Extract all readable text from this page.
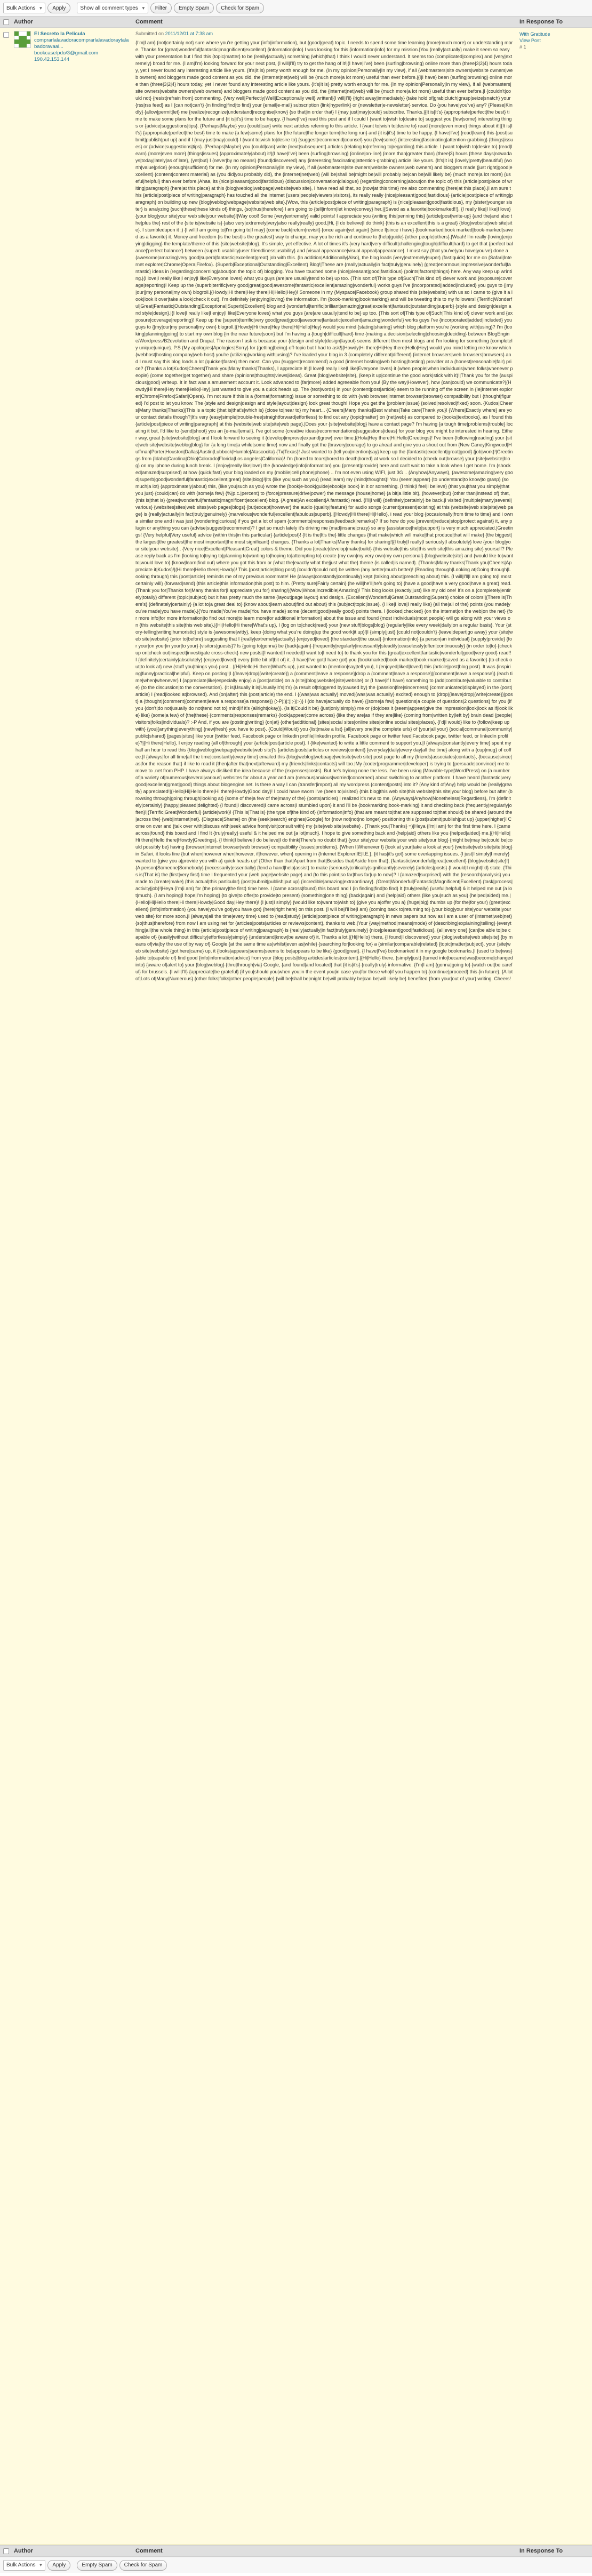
Bulk Actions ▼	Apply	Show all comment types ▼	Filter	Empty Spam	Check for Spam
Author	Comment	In Response To
El Secreto la Pelicula
comprarlalavadoracomprarlalavadoraytalabadoravaal...
bookcase/pdo/3@gmail.com
190.42.153.144
Submitted on 2011/12/01 at 7:38 am
{I'm|I am} {not|certainly not} sure where you're getting your {info|information}, but {good|great} topic. I needs to spend some time learning {more|much more} or understanding more. Thanks for {great|wonderful|fantastic|magnificent|excellent} {information|info} I was looking for this {information|info} for my mission.|You {really|actually} make it seem so easy with your presentation but I find this {topic|matter} to be {really|actually} something {which|that} I think I would never understand. It seems too {complicated|complex} and {very|extremely} broad for me. {I am|I'm} looking forward for your next post, {I will|I'll} try to get the hang of it!|{I have|I've} been {surfing|browsing} online more than {three|3|2|4} hours today, yet I never found any interesting article like yours. {It's|It is} pretty worth enough for me. {In my opinion|Personally|In my view}, if all {webmasters|site owners|website owners|web owners} and bloggers made good content as you did, the {internet|net|web} will be {much more|a lot more} useful than ever before.| {I|I have} been {surfing|browsing} online more than {three|3|2|4} hours today, yet I never found any interesting article like yours. {It's|It is} pretty worth enough for me. {In my opinion|Personally|In my view}, if all {webmasters|site owners|website owners|web owners} and bloggers made good content as you did, the {internet|net|web} will be {much more|a lot more} useful than ever before.|I {couldn't|could not} {resist|refrain from} commenting. {Very well|Perfectly|Well|Exceptionally well} written!|{I will|I'll} {right away|immediately} {take hold of|grab|clutch|grasp|seize|snatch} your {rss|rss feed} as I {can not|can't} {in finding|find|to find} your {email|e-mail} subscription {link|hyperlink} or {newsletter|e-newsletter} service. Do {you have|you've} any? {Please|Kindly} {allow|permit|let} me {realize|recognize|understand|recognise|know} {so that|in order that} I {may just|may|could} subscribe. Thanks.|{It is|It's} {appropriate|perfect|the best} time to make some plans for the future and {it is|it's} time to be happy. {I have|I've} read this post and if I could I {want to|wish to|desire to} suggest you {few|some} interesting things or {advice|suggestions|tips}. {Perhaps|Maybe} you {could|can} write next articles referring to this article. I {want to|wish to|desire to} read {more|even more} things about it!|{It is|It's} {appropriate|perfect|the best} time to make {a few|some} plans for {the future|the longer term|the long run} and {it is|it's} time to be happy. {I have|I've} {read|learn} this {post|submit|publish|put up} and if I {may just|may|could} I {want to|wish to|desire to} {suggest|recommend|counsel} you {few|some} {interesting|fascinating|attention-grabbing} {things|issues} or {advice|suggestions|tips}. {Perhaps|Maybe} you {could|can} write {next|subsequent} articles {relating to|referring to|regarding} this article. I {want to|wish to|desire to} {read|learn} {more|even more} {things|issues} {approximately|about} it!|{I have|I've} been {surfing|browsing} {online|on-line} {more than|greater than} {three|3} hours {these days|nowadays|today|lately|as of late}, {yet|but} I {never|by no means} {found|discovered} any {interesting|fascinating|attention-grabbing} article like yours. {It's|It is} {lovely|pretty|beautiful} {worth|value|price} {enough|sufficient} for me. {In my opinion|Personally|In my view}, if all {webmasters|site owners|website owners|web owners} and bloggers made {just right|good|excellent} {content|content material} as {you did|you probably did}, the {internet|net|web} {will be|shall be|might be|will probably be|can be|will likely be} {much more|a lot more} {useful|helpful} than ever before.|Ahaa, its {nice|pleasant|good|fastidious} {discussion|conversation|dialogue} {regarding|concerning|about|on the topic of} this {article|post|piece of writing|paragraph} {here|at this place} at this {blog|weblog|webpage|website|web site}, I have read all that, so {now|at this time} me also commenting {here|at this place}.|I am sure this {article|post|piece of writing|paragraph} has touched all the internet {users|people|viewers|visitors}, its really really {nice|pleasant|good|fastidious} {article|post|piece of writing|paragraph} on building up new {blog|weblog|webpage|website|web site}.|Wow, this {article|post|piece of writing|paragraph} is {nice|pleasant|good|fastidious}, my {sister|younger sister} is analyzing {such|these|these kinds of} things, {so|thus|therefore} I am going to {tell|inform|let know|convey} her.|{Saved as a favorite|bookmarked!!}, {I really like|I like|I love} {your blog|your site|your web site|your website}!|Way cool! Some {very|extremely} valid points! I appreciate you {writing this|penning this} {article|post|write-up} {and the|and also the|plus the} rest of the {site is|website is} {also very|extremely|very|also really|really} good.|Hi, {I do believe|I do think} {this is an excellent|this is a great} {blog|website|web site|site}. I stumbledupon it ;) {I will|I am going to|I'm going to|I may} {come back|return|revisit} {once again|yet again} {since I|since i have} {bookmarked|book marked|book-marked|saved as a favorite} it. Money and freedom {is the best|is the greatest} way to change, may you be rich and continue to {help|guide} {other people|others}.|Woah! I'm really {loving|enjoying|digging} the template/theme of this {site|website|blog}. It's simple, yet effective. A lot of times it's {very hard|very difficult|challenging|tough|difficult|hard} to get that {perfect balance|'perfect balance'} between {superb usability|user friendliness|usability} and {visual appearance|visual appeal|appearance}. I must say {that you've|you have|you've} done a {awesome|amazing|very good|superb|fantastic|excellent|great} job with this. {In addition|Additionally|Also}, the blog loads {very|extremely|super} {fast|quick} for me on {Safari|Internet explorer|Chrome|Opera|Firefox}. {Superb|Exceptional|Outstanding|Excellent} Blog!|These are {really|actually|in fact|truly|genuinely} {great|enormous|impressive|wonderful|fantastic} ideas in {regarding|concerning|about|on the topic of} blogging. You have touched some {nice|pleasant|good|fastidious} {points|factors|things} here. Any way keep up wrinting.|{I love|I really like|I enjoy|I like|Everyone loves} what you guys {are|are usually|tend to be} up too. {This sort of|This type of|Such|This kind of} clever work and {exposure|coverage|reporting}! Keep up the {superb|terrific|very good|great|good|awesome|fantastic|excellent|amazing|wonderful} works guys I've {incorporated||added|included} you guys to {|my|our||my personal|my own} blogroll.|{Howdy|Hi there|Hey there|Hi|Hello|Hey}! Someone in my {Myspace|Facebook} group shared this {site|website} with us so I came to {give it a look|look it over|take a look|check it out}. I'm definitely {enjoying|loving} the information. I'm {book-marking|bookmarking} and will be tweeting this to my followers! {Terrific|Wonderful|Great|Fantastic|Outstanding|Exceptional|Superb|Excellent} blog and {wonderful|terrific|brilliant|amazing|great|excellent|fantastic|outstanding|superb} {style and design|design and style|design}.|{I love|I really like|I enjoy|I like|Everyone loves} what you guys {are|are usually|tend to be} up too. {This sort of|This type of|Such|This kind of} clever work and {exposure|coverage|reporting}! Keep up the {superb|terrific|very good|great|good|awesome|fantastic|excellent|amazing|wonderful} works guys I've {incorporated|added|included} you guys to {|my|our|my personal|my own} blogroll.|{Howdy|Hi there|Hey there|Hi|Hello|Hey} would you mind {stating|sharing} which blog platform you're {working with|using}? I'm {looking|planning|going} to start my own blog {in the near future|soon} but I'm having a {tough|difficult|hard} time {making a decision|selecting|choosing|deciding} between BlogEngine/Wordpress/B2evolution and Drupal. The reason I ask is because your {design and style|design|layout} seems different then most blogs and I'm looking for something {completely unique|unique}. P.S {My apologies|Apologies|Sorry} for {getting|being} off-topic but I had to ask!|{Howdy|Hi there|Hi|Hey there|Hello|Hey} would you mind letting me know which {webhost|hosting company|web host} you're {utilizing|working with|using}? I've loaded your blog in 3 {completely different|different} {internet browsers|web browsers|browsers} and I must say this blog loads a lot {quicker|faster} then most. Can you {suggest|recommend} a good {internet hosting|web hosting|hosting} provider at a {honest|reasonable|fair} price? {Thanks a lot|Kudos|Cheers|Thank you|Many thanks|Thanks}, I appreciate it!|{I love|I really like|I like|Everyone loves} it {when people|when individuals|when folks|whenever people} {come together|get together} and share {opinions|thoughts|views|ideas}. Great {blog|website|site}, {keep it up|continue the good work|stick with it}!|Thank you for the {auspicious|good} writeup. It in fact was a amusement account it. Look advanced to {far|more} added agreeable from you! {By the way|However}, how {can|could} we communicate?|{Howdy|Hi there|Hey there|Hello|Hey} just wanted to give you a quick heads up. The {text|words} in your {content|post|article} seem to be running off the screen in {Ie|Internet explorer|Chrome|Firefox|Safari|Opera}. I'm not sure if this is a {format|formatting} issue or something to do with {web browser|internet browser|browser} compatibility but I {thought|figured} I'd post to let you know. The {style and design|design and style|layout|design} look great though! Hope you get the {problem|issue} {solved|resolved|fixed} soon. {Kudos|Cheers|Many thanks|Thanks}|This is a topic {that is|that's|which is} {close to|near to} my heart... {Cheers|Many thanks|Best wishes|Take care|Thank you}! {Where|Exactly where} are your contact details though?|It's very {easy|simple|trouble-free|straightforward|effortless} to find out any {topic|matter} on {net|web} as compared to {books|textbooks}, as I found this {article|post|piece of writing|paragraph} at this {website|web site|site|web page}.|Does your {site|website|blog} have a contact page? I'm having {a tough time|problems|trouble} locating it but, I'd like to {send|shoot} you an {e-mail|email}. I've got some {creative ideas|recommendations|suggestions|ideas} for your blog you might be interested in hearing. Either way, great {site|website|blog} and I look forward to seeing it {develop|improve|expand|grow} over time.|{Hola|Hey there|Hi|Hello|Greetings}! I've been {following|reading} your {site|web site|website|weblog|blog} for {a long time|a while|some time} now and finally got the {bravery|courage} to go ahead and give you a shout out from {New Caney|Kingwood|Huffman|Porter|Houston|Dallas|Austin|Lubbock|Humble|Atascocita} {Tx|Texas}! Just wanted to {tell you|mention|say} keep up the {fantastic|excellent|great|good} {job|work}!|Greetings from {Idaho|Carolina|Ohio|Colorado|Florida|Los angeles|California}! I'm {bored to tears|bored to death|bored} at work so I decided to {check out|browse} your {site|website|blog} on my iphone during lunch break. I {enjoy|really like|love} the {knowledge|info|information} you {present|provide} here and can't wait to take a look when I get home. I'm {shocked|amazed|surprised} at how {quick|fast} your blog loaded on my {mobile|cell phone|phone} .. I'm not even using WIFI, just 3G .. {Anyhow|Anyways}, {awesome|amazing|very good|superb|good|wonderful|fantastic|excellent|great} {site|blog}!|Its {like you|such as you} {read|learn} my {mind|thoughts}! You {seem|appear} {to understand|to know|to grasp} {so much|a lot} {approximately|about} this, {like you|such as you} wrote the {book|e-book|guide|ebook|e book} in it or something. {I think|I feel|I believe} {that you|that you simply|that you just} {could|can} do with {some|a few} {%|p.c.|percent} to {force|pressure|drive|power} the message {house|home} {a bit|a little bit}, {however|but} {other than|instead of} that, {this is|that is} {great|wonderful|fantastic|magnificent|excellent} blog. {A great|An excellent|A fantastic} read. {I'll|I will} {definitely|certainly} be back.|I visited {multiple|many|several|various} {websites|sites|web sites|web pages|blogs} {but|except|however} the audio {quality|feature} for audio songs {current|present|existing} at this {website|web site|site|web page} is {really|actually|in fact|truly|genuinely} {marvelous|wonderful|excellent|fabulous|superb}.|{Howdy|Hi there|Hi|Hello}, i read your blog {occasionally|from time to time} and i own a similar one and i was just {wondering|curious} if you get a lot of spam {comments|responses|feedback|remarks}? If so how do you {prevent|reduce|stop|protect against} it, any plugin or anything you can {advise|suggest|recommend}? I get so much lately it's driving me {mad|insane|crazy} so any {assistance|help|support} is very much appreciated.|Greetings! {Very helpful|Very useful} advice {within this|in this particular} {article|post}! {It is the|It's the} little changes {that make|which will make|that produce|that will make} {the biggest|the largest|the greatest|the most important|the most significant} changes. {Thanks a lot|Thanks|Many thanks} for sharing!|{I truly|I really|I seriously|I absolutely} love {your blog|your site|your website}.. {Very nice|Excellent|Pleasant|Great} colors & theme. Did you {create|develop|make|build} {this website|this site|this web site|this amazing site} yourself? Please reply back as I'm {looking to|trying to|planning to|wanting to|hoping to|attempting to} create {my own|my very own|my own personal} {blog|website|site} and {would like to|want to|would love to} {know|learn|find out} where you got this from or {what the|exactly what the|just what the} theme {is called|is named}. {Thanks|Many thanks|Thank you|Cheers|Appreciate it|Kudos}!|{Hi there|Hello there|Howdy}! This {post|article|blog post} {couldn't|could not} be written {any better|much better}! {Reading through|Looking at|Going through|Looking through} this {post|article} reminds me of my previous roommate! He {always|constantly|continually} kept {talking about|preaching about} this. {I will|I'll|I am going to|I most certainly will} {forward|send} {this article|this information|this post} to him. {Pretty sure|Fairly certain} {he will|he'll|he's going to} {have a good|have a very good|have a great} read. {Thank you for|Thanks for|Many thanks for|I appreciate you for} sharing!|{Wow|Whoa|Incredible|Amazing}! This blog looks {exactly|just} like my old one! It's on a {completely|entirely|totally} different {topic|subject} but it has pretty much the same {layout|page layout} and design. {Excellent|Wonderful|Great|Outstanding|Superb} choice of colors!|{There is|There's} {definately|certainly} {a lot to|a great deal to} {know about|learn about|find out about} this {subject|topic|issue}. {I like|I love|I really like} {all the|all of the} points {you made|you've made|you have made}.|{You made|You've made|You have made} some {decent|good|really good} points there. I {looked|checked} {on the internet|on the web|on the net} {for more info|for more information|to find out more|to learn more|for additional information} about the issue and found {most individuals|most people} will go along with your views on {this website|this site|this web site}.|{Hi|Hello|Hi there|What's up}, I {log on to|check|read} your {new stuff|blogs|blog} {regularly|like every week|daily|on a regular basis}. Your {story-telling|writing|humoristic} style is {awesome|witty}, keep {doing what you're doing|up the good work|it up}!|I {simply|just} {could not|couldn't} {leave|depart|go away} your {site|web site|website} {prior to|before} suggesting that I {really|extremely|actually} {enjoyed|loved} {the standard|the usual} {information|info} {a person|an individual} {supply|provide} {for your|on your|in your|to your} {visitors|guests}? Is {going to|gonna} be {back|again} {frequently|regularly|incessantly|steadily|ceaselessly|often|continuously} {in order to|to} {check up on|check out|inspect|investigate cross-check} new posts|{I wanted|I needed|I want to|I need to} to thank you for this {great|excellent|fantastic|wonderful|good|very good} read!! I {definitely|certainly|absolutely} {enjoyed|loved} every {little bit of|bit of} it. {I have|I've got|I have got} you {bookmarked|book marked|book-marked|saved as a favorite} {to check out|to look at} new {stuff you|things you} post…|{Hi|Hello|Hi there|What's up}, just wanted to {mention|say|tell you}, I {enjoyed|liked|loved} this {article|post|blog post}. It was {inspiring|funny|practical|helpful}. Keep on posting!|I {{leave|drop|{write|create}} a {comment|leave a response}|drop a {comment|leave a response}|{comment|leave a response}} {each time|when|whenever} I {appreciate|like|especially enjoy} a {post|article} on a {site|{blog|website}|site|website} or {I have|if I have} something to {add|contribute|valuable to contribute} {to the discussion|to the conversation}. {It is|Usually it is|Usually it's|It's} {a result of|triggered by|caused by} the {passion|fire|sincerness} {communicated|displayed} in the {post|article} I {read|looked at|browsed}. And {on|after} this {post|article} the end. I {{was|was actually} moved|{was|was actually} excited} enough to {drop|{leave|drop|{write|create}}|post} a {thought|{comment|{comment|leave a response}a response}} {:-P|;)|:)|;-)|:-)} I {do have|actually do have} {{some|a few} questions|a couple of questions|2 questions} for you {if you {don't|do not|usually do not|tend not to} mind|if it's {allright|okay}}. {Is it|Could it be} {just|only|simply} me or {do|does it {seem|appear|give the impression|look|look as if|look like} like} {some|a few} of {the|these} {comments|responses|remarks} {look|appear|come across} {like they are|as if they are|like} {coming from|written by|left by} brain dead {people|visitors|folks|individuals}? :-P And, if you are {posting|writing} {on|at} {other|additional} {sites|social sites|online sites|online social sites|places}, {I'd|I would} like to {follow|keep up with} {you|{anything|everything} {new|fresh} you have to post}. {Could|Would} you {list|make a list} {all|every one|the complete urls} of {your|all your} {social|communal|community|public|shared} {pages|sites} like your {twitter feed, Facebook page or linkedin profile|linkedin profile, Facebook page or twitter feed|Facebook page, twitter feed, or linkedin profile}?|{Hi there|Hello}, I enjoy reading {all of|through} your {article|post|article post}. I {like|wanted} to write a little comment to support you.|I {always|constantly|every time} spent my half an hour to read this {blog|weblog|webpage|website|web site}'s {articles|posts|articles or reviews|content} {everyday|daily|every day|all the time} along with a {cup|mug} of coffee.|I {always|for all time|all the time|constantly|every time} emailed this {blog|weblog|webpage|website|web site} post page to all my {friends|associates|contacts}, {because|since|as|for the reason that} if like to read it {then|after that|next|afterward} my {friends|links|contacts} will too.|My {coder|programmer|developer} is trying to {persuade|convince} me to move to .net from PHP. I have always disliked the idea because of the {expenses|costs}. But he's tryiong none the less. I've been using {Movable-type|WordPress} on {a number of|a variety of|numerous|several|various} websites for about a year and am {nervous|anxious|worried|concerned} about switching to another platform. I have heard {fantastic|very good|excellent|great|good} things about blogengine.net. Is there a way I can {transfer|import} all my wordpress {content|posts} into it? {Any kind of|Any} help would be {really|greatly} appreciated!|{Hello|Hi|Hello there|Hi there|Howdy|Good day}! I could have sworn I've {been to|visited} {this blog|this web site|this website|this site|your blog} before but after {browsing through|going through|looking at} {some of the|a few of the|many of the} {posts|articles} I realized it's new to me. {Anyways|Anyhow|Nonetheless|Regardless}, I'm {definitely|certainly} {happy|pleased|delighted} {I found|I discovered|I came across|I stumbled upon} it and I'll be {bookmarking|book-marking} it and checking back {frequently|regularly|often}!|{Terrific|Great|Wonderful} {article|work}! {This is|That is} {the type of|the kind of} {information|info} {that are meant to|that are supposed to|that should} be shared {around the|across the} {web|internet|net}. {Disgrace|Shame} on {the {seek|search} engines|Google} for {now not|not|no longer} positioning this {post|submit|publish|put up} {upper|higher}! Come on over and {talk over with|discuss with|seek advice from|visit|consult with} my {site|web site|website} . {Thank you|Thanks} =)|Heya {i'm|i am} for the first time here. I {came across|found} this board and I find It {truly|really} useful & it helped me out {a lot|much}. I hope to give something back and {help|aid} others like you {helped|aided} me.|{Hi|Hello|Hi there|Hello there|Howdy|Greetings}, {I think|I believe|I do believe|I do think|There's no doubt that} {your site|your website|your web site|your blog} {might be|may be|could be|could possibly be} having {browser|internet browser|web browser} compatibility {issues|problems}. {When I|Whenever I} {look at your|take a look at your} {website|web site|site|blog} in Safari, it looks fine {but when|however when|however, if|however, when} opening in {Internet Explorer|IE|I.E.}, {it has|it's got} some overlapping issues. {I just|I simply|I merely} wanted to {give you a|provide you with a} quick heads up! {Other than that|Apart from that|Besides that|Aside from that}, {fantastic|wonderful|great|excellent} {blog|website|site}!|{A person|Someone|Somebody} {necessarily|essentially} {lend a hand|help|assist} to make {seriously|critically|significantly|severely} {articles|posts} {I would|I might|I'd} state. {This is|That is} the {first|very first} time I frequented your {web page|website page} and {to this point|so far|thus far|up to now}? I {amazed|surprised} with the {research|analysis} you made to {create|make} {this actual|this particular} {post|submit|publish|put up} {incredible|amazing|extraordinary}. {Great|Wonderful|Fantastic|Magnificent|Excellent} {task|process|activity|job}!|Heya {i'm|i am} for {the primary|the first} time here. I {came across|found} this board and I {in finding|find|to find} It {truly|really} {useful|helpful} & it helped me out {a lot|much}. {I am hoping|I hope|I'm hoping} {to give|to offer|to provide|to present} {something|one thing} {back|again} and {help|aid} others {like you|such as you} {helped|aided} me.|{Hello|Hi|Hello there|Hi there|Howdy|Good day|Hey there}! {I just|I simply} {would like to|want to|wish to} {give you a|offer you a} {huge|big} thumbs up {for the|for your} {great|excellent} {info|information} {you have|you've got|you have got} {here|right here} on this post. {I will be|I'll be|I am} {coming back to|returning to} {your blog|your site|your website|your web site} for more soon.|I {always|all the time|every time} used to {read|study} {article|post|piece of writing|paragraph} in news papers but now as I am a user of {internet|web|net} {so|thus|therefore} from now I am using net for {articles|posts|articles or reviews|content}, thanks to web.|Your {way|method|means|mode} of {describing|explaining|telling} {everything|all|the whole thing} in this {article|post|piece of writing|paragraph} is {really|actually|in fact|truly|genuinely} {nice|pleasant|good|fastidious}, {all|every one} {can|be able to|be capable of} {easily|without difficulty|effortlessly|simply} {understand|know|be aware of} it, Thanks a lot.|{Hi|Hello} there, {I found|I discovered} your {blog|website|web site|site} {by means of|via|by the use of|by way of} Google {at the same time as|whilst|even as|while} {searching for|looking for} a {similar|comparable|related} {topic|matter|subject}, your {site|web site|website} {got here|came} up, it {looks|appears|seems|seems to be|appears to be like} {good|great}. {I have|I've} bookmarked it in my google bookmarks.|I {used to be|was} {able to|capable of} find good {info|information|advice} from your {blog posts|blog articles|articles|content}.|{Hi|Hello} there, {simply|just} {turned into|became|was|become|changed into} {aware of|alert to} your {blog|weblog} {thru|through|via} Google, {and found|and located} that {it is|it's} {really|truly} informative. {I'm|I am} {gonna|going to} {watch out|be careful} for brussels. {I will|I'll} {appreciate|be grateful} {if you|should you|when you|in the event you|in case you|for those who|if you happen to} {continue|proceed} this {in future}. {A lot of|Lots of|Many|Numerous} {other folks|folks|other people|people} {will be|shall be|might be|will probably be|can be|will likely be} benefited {from your|out of your} writing. Cheers!
With Gratitude
View Post
# 1
Author	Comment	In Response To
Bulk Actions ▼	Apply	Empty Spam	Check for Spam
